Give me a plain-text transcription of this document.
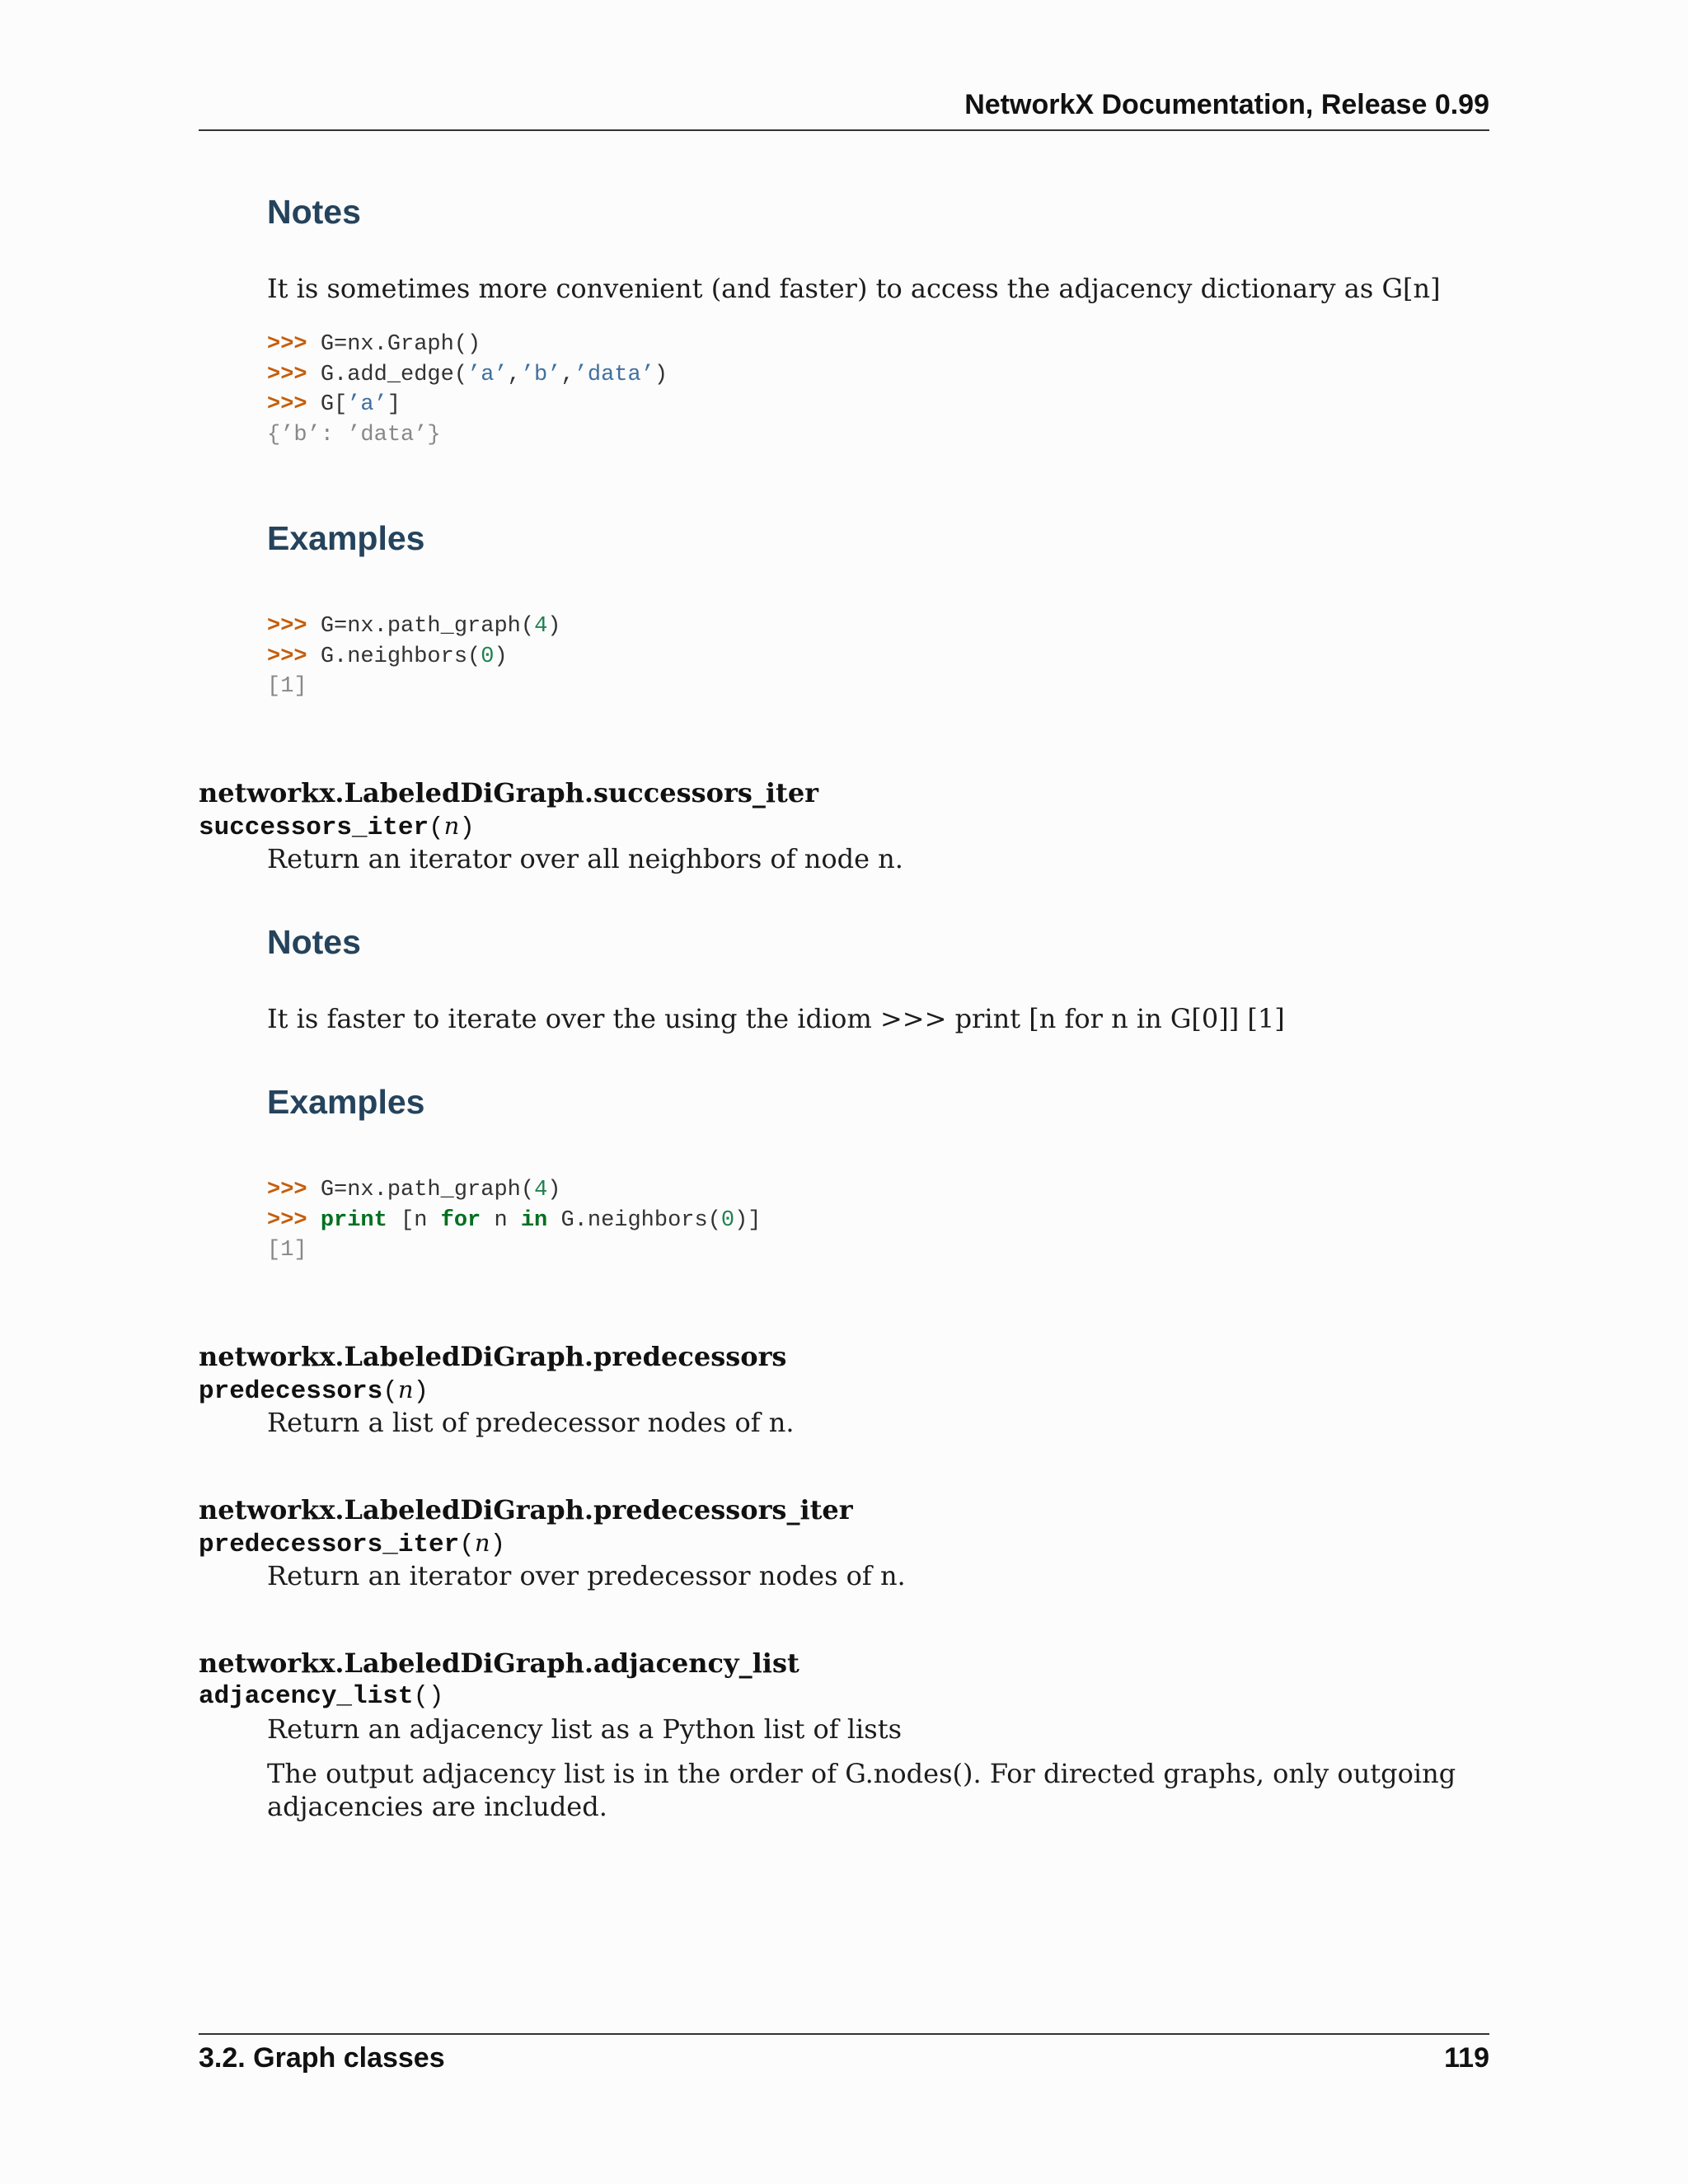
NetworkX Documentation, Release 0.99
Notes
It is sometimes more convenient (and faster) to access the adjacency dictionary as G[n]
>>> G=nx.Graph()
>>> G.add_edge(’a’,’b’,’data’)
>>> G[’a’]
{’b’: ’data’}
Examples
>>> G=nx.path_graph(4)
>>> G.neighbors(0)
[1]
networkx.LabeledDiGraph.successors_iter
successors_iter(n)
Return an iterator over all neighbors of node n.
Notes
It is faster to iterate over the using the idiom >>> print [n for n in G[0]] [1]
Examples
>>> G=nx.path_graph(4)
>>> print [n for n in G.neighbors(0)]
[1]
networkx.LabeledDiGraph.predecessors
predecessors(n)
Return a list of predecessor nodes of n.
networkx.LabeledDiGraph.predecessors_iter
predecessors_iter(n)
Return an iterator over predecessor nodes of n.
networkx.LabeledDiGraph.adjacency_list
adjacency_list()
Return an adjacency list as a Python list of lists
The output adjacency list is in the order of G.nodes(). For directed graphs, only outgoing adjacencies are included.
3.2. Graph classes	119
